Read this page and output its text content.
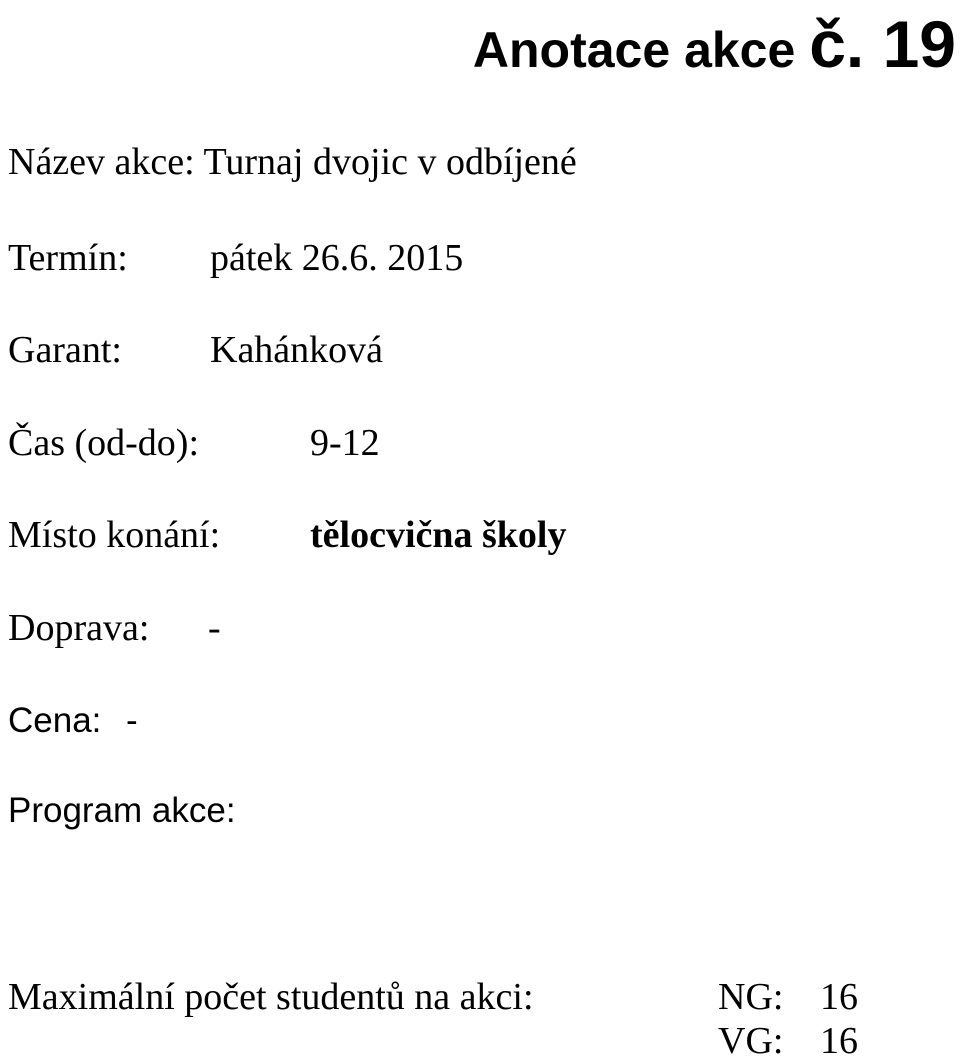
Anotace akce č. 19
Název akce: Turnaj dvojic v odbíjené
Termín: pátek 26.6. 2015
Garant: Kahánková
Čas (od-do):	9-12
Místo konání: tělocvična školy
Doprava: -
Cena: -
Program akce:
Maximální počet studentů na akci:	NG: 16
VG: 16
